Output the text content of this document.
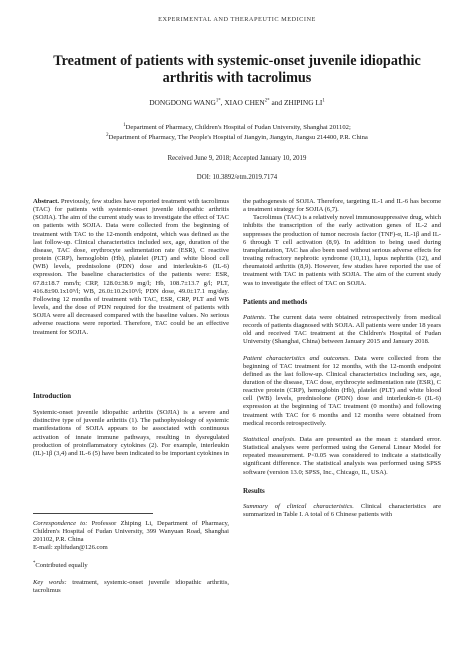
EXPERIMENTAL AND THERAPEUTIC MEDICINE
Treatment of patients with systemic-onset juvenile idiopathic arthritis with tacrolimus
DONGDONG $WANG^{1*}$, XIAO $CHEN^{2*}$ and ZHIPING $LI^1$
$^1$Department of Pharmacy, Children's Hospital of Fudan University, Shanghai 201102;
$^2$Department of Pharmacy, The People's Hospital of Jiangyin, Jiangyin, Jiangsu 214400, P.R. China
Received June 9, 2018; Accepted January 10, 2019
DOI: 10.3892/etm.2019.7174

Abstract. Previously, few studies have reported treatment with tacrolimus (TAC) for patients with systemic-onset juvenile idiopathic arthritis (SOJIA). The aim of the current study was to investigate the effect of TAC on patients with SOJIA. Data were collected from the beginning of treatment with TAC to the 12-month endpoint, which was defined as the last follow-up. Clinical characteristics included sex, age, duration of the disease, TAC dose, erythrocyte sedimentation rate (ESR), C reactive protein (CRP), hemoglobin (Hb), platelet (PLT) and white blood cell (WB) levels, prednisolone (PDN) dose and interleukin-6 (IL-6) expression. The baseline characteristics of the patients were: ESR, 67.8±18.7 mm/h; CRP, 128.0±38.9 mg/l; Hb, 108.7±13.7 g/l; PLT, 416.8±90.1x10⁹/l; WB, 26.0±10.2x10⁹/l; PDN dose, 49.0±17.1 mg/day. Following 12 months of treatment with TAC, ESR, CRP, PLT and WB levels, and the dose of PDN required for the treatment of patients with SOJIA were all decreased compared with the baseline values. No serious adverse reactions were reported. Therefore, TAC could be an effective treatment for SOJIA.

Introduction

Systemic-onset juvenile idiopathic arthritis (SOJIA) is a severe and distinctive type of juvenile arthritis (1). The pathophysiology of systemic manifestations of SOJIA appears to be associated with continuous activation of innate immune pathways, resulting in dysregulated production of proinflammatory cytokines (2). For example, interleukin (IL)-1β (3,4) and IL-6 (5) have been indicated to be important cytokines in

Correspondence to: Professor Zhiping Li, Department of Pharmacy, Children's Hospital of Fudan University, 399 Wanyuan Road, Shanghai 201102, P.R. China

E-mail: zplifudan@126.com

*Contributed equally

Key words: treatment, systemic-onset juvenile idiopathic arthritis, tacrolimus

the pathogenesis of SOJIA. Therefore, targeting IL-1 and IL-6 has become a treatment strategy for SOJIA (6,7).

Tacrolimus (TAC) is a relatively novel immunosuppressive drug, which inhibits the transcription of the early activation genes of IL-2 and suppresses the production of tumor necrosis factor (TNF)-α, IL-1β and IL-6 through T cell activation (8,9). In addition to being used during transplantation, TAC has also been used without serious adverse effects for treating refractory nephrotic syndrome (10,11), lupus nephritis (12), and rheumatoid arthritis (8,9). However, few studies have reported the use of treatment with TAC in patients with SOJIA. The aim of the current study was to investigate the effect of TAC on SOJIA.

Patients and methods

Patients. The current data were obtained retrospectively from medical records of patients diagnosed with SOJIA. All patients were under 18 years old and received TAC treatment at the Children's Hospital of Fudan University (Shanghai, China) between January 2015 and January 2018.

Patient characteristics and outcomes. Data were collected from the beginning of TAC treatment for 12 months, with the 12-month endpoint defined as the last follow-up. Clinical characteristics including sex, age, duration of the disease, TAC dose, erythrocyte sedimentation rate (ESR), C reactive protein (CRP), hemoglobin (Hb), platelet (PLT) and white blood cell (WB) levels, prednisolone (PDN) dose and interleukin-6 (IL-6) expression at the beginning of TAC treatment (0 months) and following treatment with TAC for 6 months and 12 months were obtained from medical records retrospectively.

Statistical analysis. Data are presented as the mean ± standard error. Statistical analyses were performed using the General Linear Model for repeated measurement. P<0.05 was considered to indicate a statistically significant difference. The statistical analysis was performed using SPSS software (version 13.0; SPSS, Inc., Chicago, IL, USA).

Results

Summary of clinical characteristics. Clinical characteristics are summarized in Table I. A total of 6 Chinese patients with
